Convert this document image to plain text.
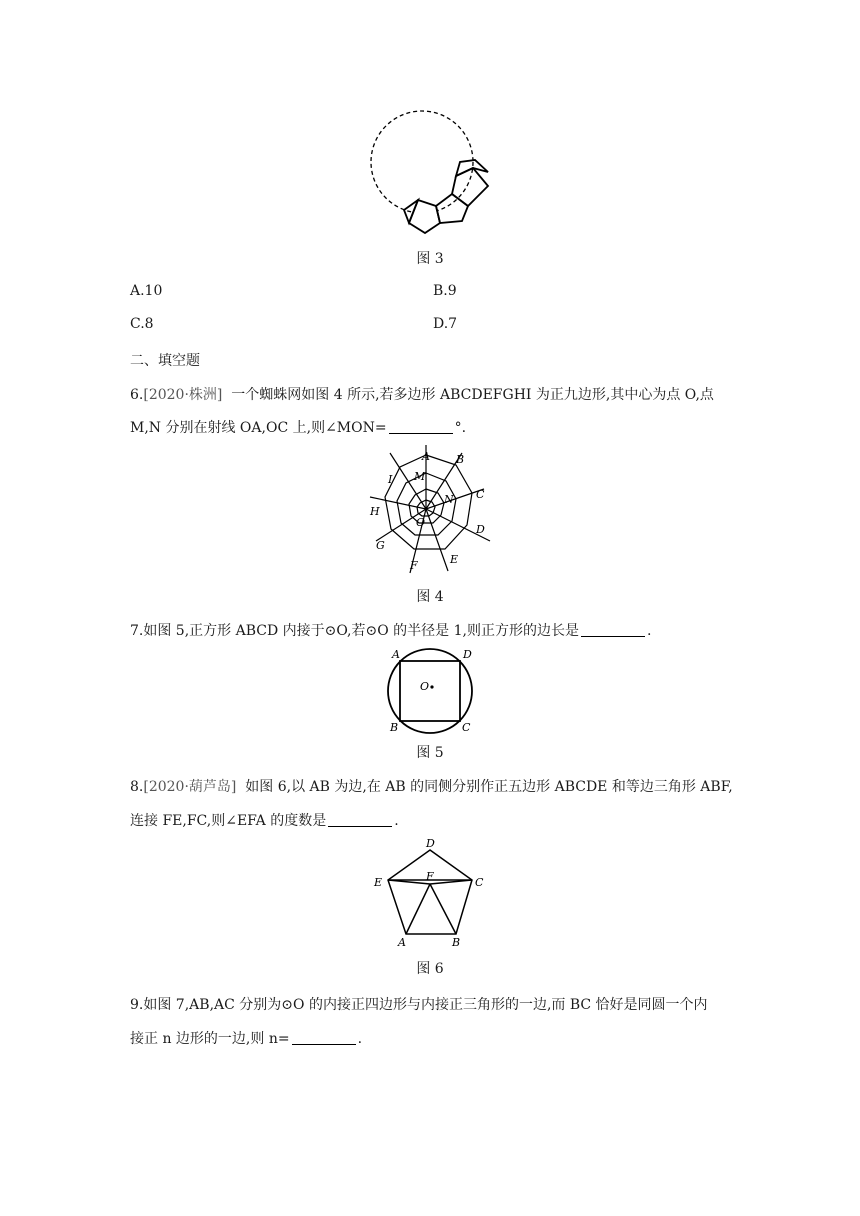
图 3
A.10	B.9
C.8	D.7
二、填空题
6.[2020·株洲] 一个蜘蛛网如图 4 所示,若多边形 ABCDEFGHI 为正九边形,其中心为点 O,点
M,N 分别在射线 OA,OC 上,则∠MON=	°.
A B
C
D
E
F
G
H
I M
N
O
图 4
7.如图 5,正方形 ABCD 内接于⊙O,若⊙O 的半径是 1,则正方形的边长是	.
A	D
B	C
O
图 5
8.[2020·葫芦岛] 如图 6,以 AB 为边,在 AB 的同侧分别作正五边形 ABCDE 和等边三角形 ABF,
连接 FE,FC,则∠EFA 的度数是	.
D
E	F	C
A	B
图 6
9.如图 7,AB,AC 分别为⊙O 的内接正四边形与内接正三角形的一边,而 BC 恰好是同圆一个内
接正 n 边形的一边,则 n=	.
